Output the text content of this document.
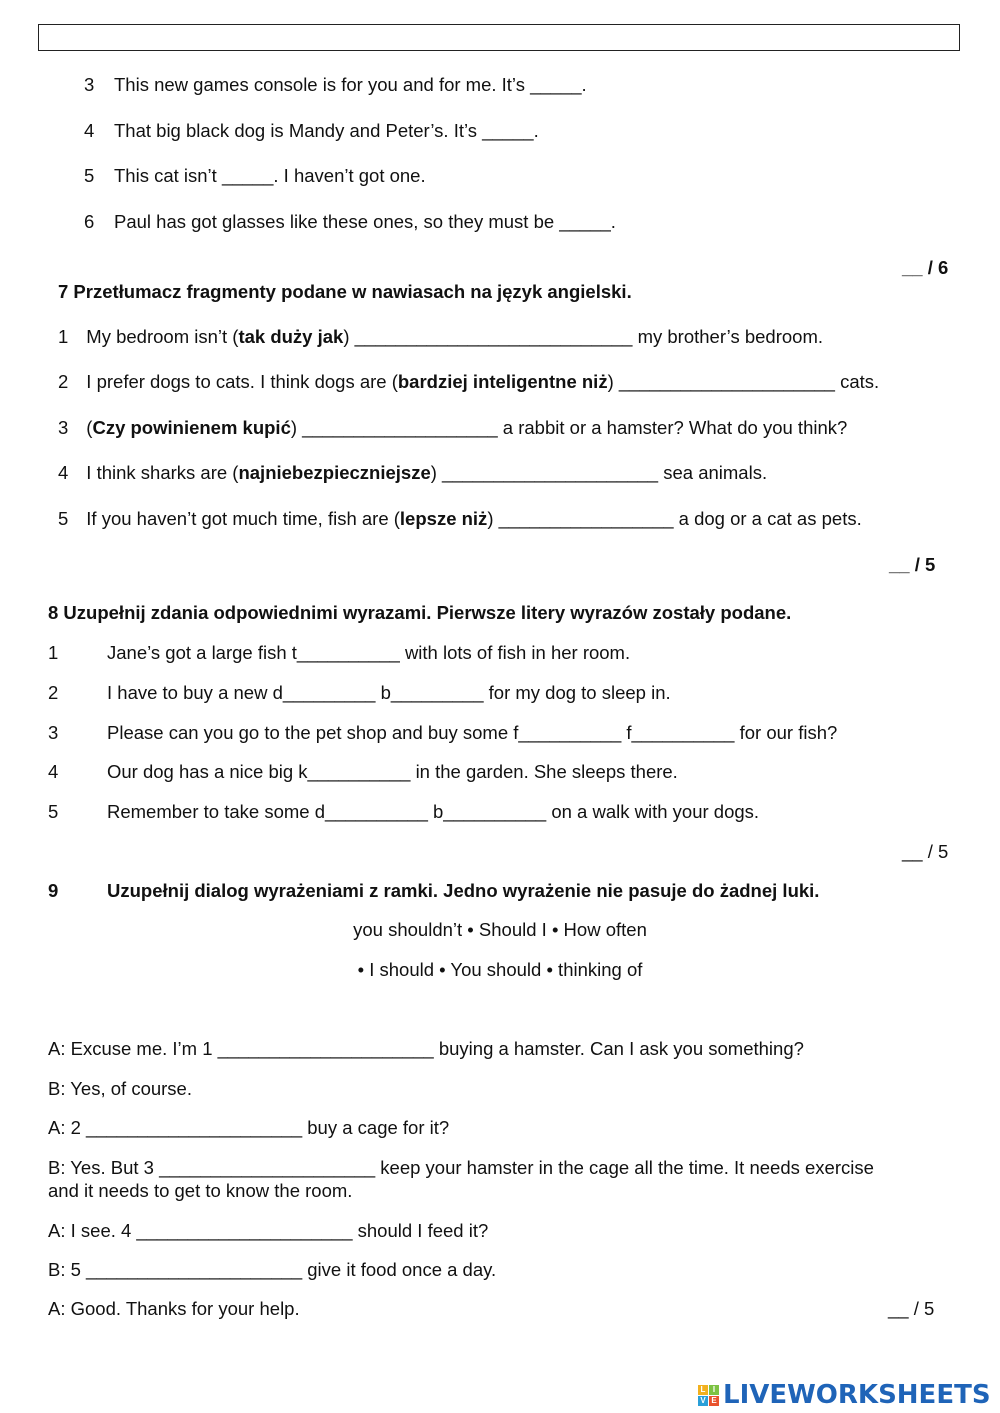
3 This new games console is for you and for me. It’s _____.
4 That big black dog is Mandy and Peter’s. It’s _____.
5 This cat isn’t _____. I haven’t got one.
6 Paul has got glasses like these ones, so they must be _____.
__ / 6
7 Przetłumacz fragmenty podane w nawiasach na język angielski.
1 My bedroom isn’t (tak duży jak) ___________________________ my brother’s bedroom.
2 I prefer dogs to cats. I think dogs are (bardziej inteligentne niż) _____________________ cats.
3 (Czy powinienem kupić) ___________________ a rabbit or a hamster? What do you think?
4 I think sharks are (najniebezpieczniejsze) _____________________ sea animals.
5 If you haven’t got much time, fish are (lepsze niż) _________________ a dog or a cat as pets.
__ / 5
8 Uzupełnij zdania odpowiednimi wyrazami. Pierwsze litery wyrazów zostały podane.
1	Jane’s got a large fish t__________ with lots of fish in her room.
2	I have to buy a new d_________ b_________ for my dog to sleep in.
3	Please can you go to the pet shop and buy some f__________ f__________ for our fish?
4	Our dog has a nice big k__________ in the garden. She sleeps there.
5	Remember to take some d__________ b__________ on a walk with your dogs.
__ / 5
9	Uzupełnij dialog wyrażeniami z ramki. Jedno wyrażenie nie pasuje do żadnej luki.
you shouldn’t • Should I • How often
• I should • You should • thinking of
A: Excuse me. I’m 1 _____________________ buying a hamster. Can I ask you something?
B: Yes, of course.
A: 2 _____________________ buy a cage for it?
B: Yes. But 3 _____________________ keep your hamster in the cage all the time. It needs exercise
and it needs to get to know the room.
A: I see. 4 _____________________ should I feed it?
B: 5 _____________________ give it food once a day.
A: Good. Thanks for your help.	__ / 5
L I
V E LIVEWORKSHEETS
